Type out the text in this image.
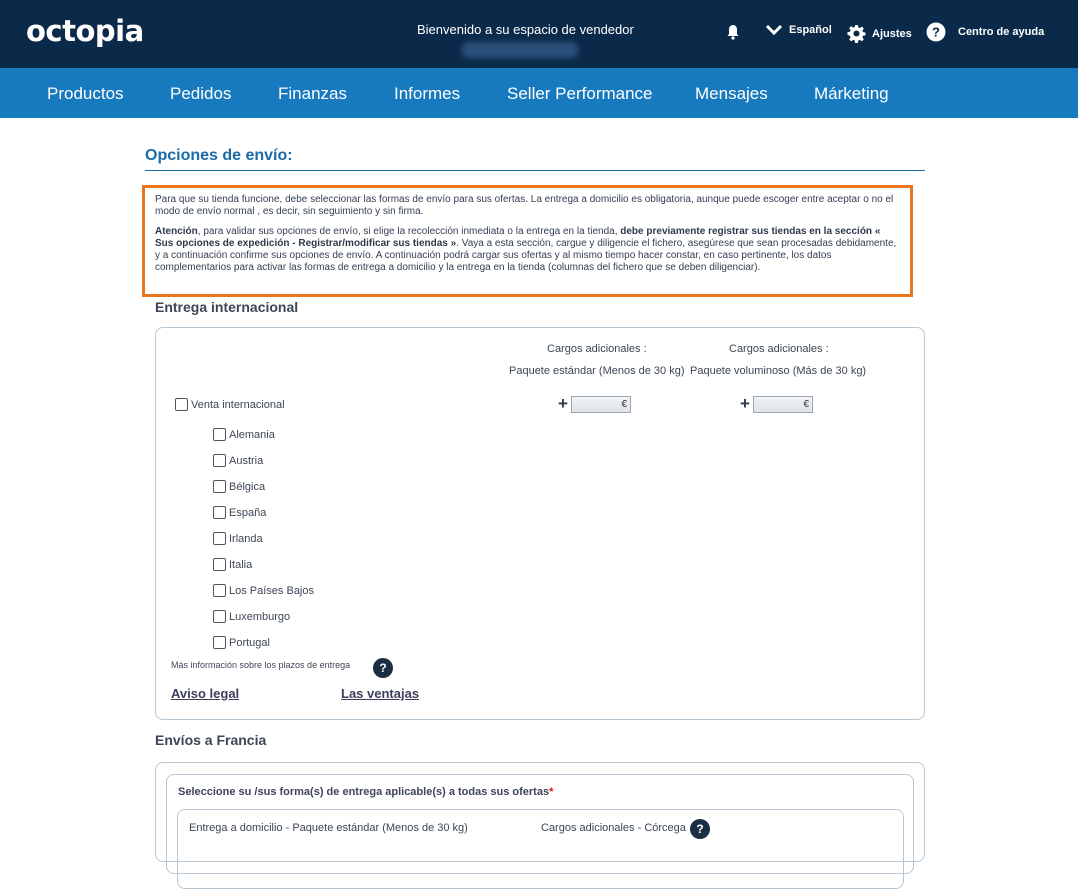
octopia	Bienvenido a su espacio de vendedor	Español	Ajustes ? Centro de ayuda
Productos	Pedidos	Finanzas	Informes	Seller Performance Mensajes	Márketing
Opciones de envío:

Para que su tienda funcione, debe seleccionar las formas de envío para sus ofertas. La entrega a domicilio es obligatoria, aunque puede escoger entre aceptar o no el modo de envío normal , es decir, sin seguimiento y sin firma.

Atención, para validar sus opciones de envío, si elige la recolección inmediata o la entrega en la tienda, debe previamente registrar sus tiendas en la sección « Sus opciones de expedición - Registrar/modificar sus tiendas ». Vaya a esta sección, cargue y diligencie el fichero, asegúrese que sean procesadas debidamente, y a continuación confirme sus opciones de envío. A continuación podrá cargar sus ofertas y al mismo tiempo hacer constar, en caso pertinente, los datos complementarios para activar las formas de entrega a domicilio y la entrega en la tienda (columnas del fichero que se deben diligenciar).

Entrega internacional
Cargos adicionales :
Paquete estándar (Menos de 30 kg)
Cargos adicionales :
Paquete voluminoso (Más de 30 kg)
Venta internacional	+	€	+	€
Alemania
Austria
Bélgica
España
Irlanda
Italia
Los Países Bajos
Luxemburgo
Portugal
Más información sobre los plazos de entrega	?
Aviso legal	Las ventajas
Envíos a Francia
Seleccione su /sus forma(s) de entrega aplicable(s) a todas sus ofertas*
Entrega a domicilio - Paquete estándar (Menos de 30 kg)	Cargos adicionales - Córcega ?
